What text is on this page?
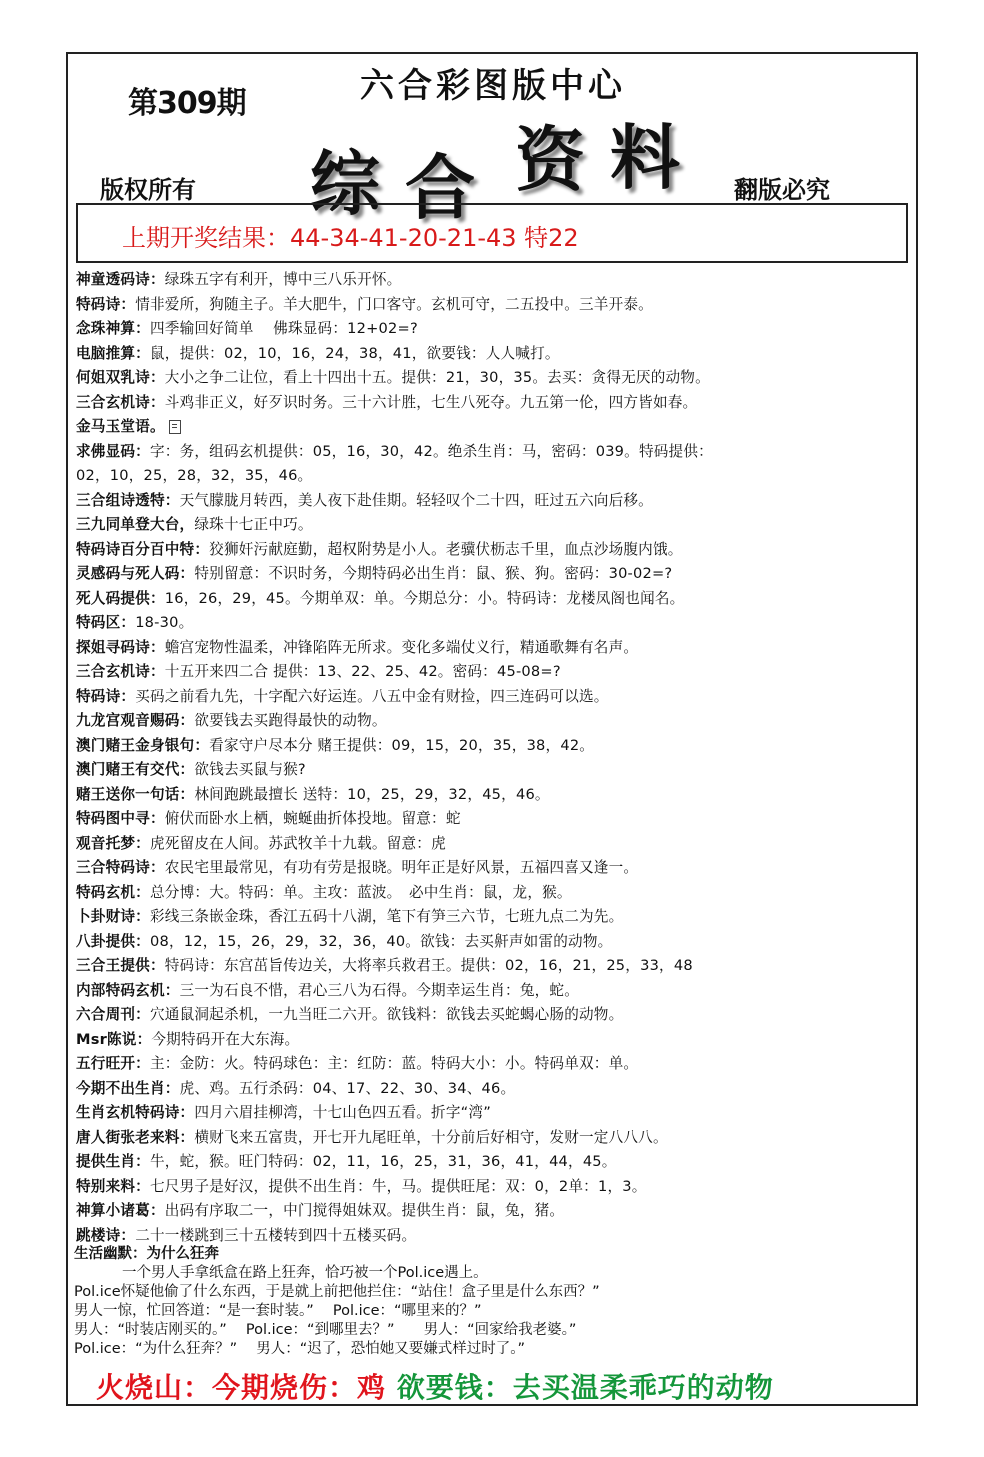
第309期	六合彩图版中心
综 合 资 料
版权所有	翻版必究
上期开奖结果：44-34-41-20-21-43 特22
神童透码诗：绿珠五字有利开，博中三八乐开怀。
特码诗：情非爱所，狗随主子。羊大肥牛，门口客守。玄机可守，二五投中。三羊开泰。
念珠神算：四季输回好简单　 佛珠显码：12+02=?
电脑推算：鼠，提供：02，10，16，24，38，41，欲要钱：人人喊打。
何姐双乳诗：大小之争二让位，看上十四出十五。提供：21，30，35。去买：贪得无厌的动物。
三合玄机诗：斗鸡非正义，好歹识时务。三十六计胜，七生八死夺。九五第一伦，四方皆如春。
金马玉堂语。
求佛显码：字：务，组码玄机提供：05，16，30，42。绝杀生肖：马，密码：039。特码提供：
02，10，25，28，32，35，46。
三合组诗透特：天气朦胧月转西，美人夜下赴佳期。轻轻叹个二十四，旺过五六向后移。
三九同单登大台，绿珠十七正中巧。
特码诗百分百中特：狡狮奸污献庭勤，超权附势是小人。老骥伏枥志千里，血点沙场腹内饿。
灵感码与死人码：特别留意：不识时务，今期特码必出生肖：鼠、猴、狗。密码：30-02=?
死人码提供：16，26，29，45。今期单双：单。今期总分：小。特码诗：龙楼凤阁也闻名。
特码区：18-30。
探姐寻码诗：蟾宫宠物性温柔，冲锋陷阵无所求。变化多端仗义行，精通歌舞有名声。
三合玄机诗：十五开来四二合 提供：13、22、25、42。密码：45-08=?
特码诗：买码之前看九先，十字配六好运连。八五中金有财捡，四三连码可以选。
九龙宫观音赐码：欲要钱去买跑得最快的动物。
澳门赌王金身银句：看家守户尽本分 赌王提供：09，15，20，35，38，42。
澳门赌王有交代：欲钱去买鼠与猴?
赌王送你一句话：林间跑跳最擅长 送特：10，25，29，32，45，46。
特码图中寻：俯伏而卧水上栖，蜿蜒曲折体投地。留意：蛇
观音托梦：虎死留皮在人间。苏武牧羊十九载。留意：虎
三合特码诗：农民宅里最常见，有功有劳是报晓。明年正是好风景，五福四喜又逢一。
特码玄机：总分博：大。特码：单。主攻：蓝波。　必中生肖：鼠，龙，猴。
卜卦财诗：彩线三条嵌金珠，香江五码十八湖，笔下有笋三六节，七班九点二为先。
八卦提供：08，12，15，26，29，32，36，40。欲钱：去买鼾声如雷的动物。
三合王提供：特码诗：东宫茁旨传边关，大将率兵救君王。提供：02，16，21，25，33，48
内部特码玄机：三一为石良不惜，君心三八为石得。今期幸运生肖：兔，蛇。
六合周刊：穴通鼠洞起杀机，一九当旺二六开。欲钱料：欲钱去买蛇蝎心肠的动物。
Msr陈说：今期特码开在大东海。
五行旺开：主：金防：火。特码球色：主：红防：蓝。特码大小：小。特码单双：单。
今期不出生肖：虎、鸡。五行杀码：04、17、22、30、34、46。
生肖玄机特码诗：四月六眉挂柳湾，十七山色四五看。折字“湾”
唐人街张老来料：横财飞来五富贵，开七开九尾旺单，十分前后好相守，发财一定八八八。
提供生肖：牛，蛇，猴。旺门特码：02，11，16，25，31，36，41，44，45。
特别来料：七尺男子是好汉，提供不出生肖：牛，马。提供旺尾：双：0，2单：1，3。
神算小诸葛：出码有序取二一，中门搅得姐妹双。提供生肖：鼠，兔，猪。
跳楼诗：二十一楼跳到三十五楼转到四十五楼买码。
生活幽默：为什么狂奔
一个男人手拿纸盒在路上狂奔，恰巧被一个Pol.ice遇上。
Pol.ice怀疑他偷了什么东西，于是就上前把他拦住：“站住！盒子里是什么东西？”
男人一惊，忙回答道：“是一套时装。”　 Pol.ice：“哪里来的？”
男人：“时装店刚买的。”　 Pol.ice：“到哪里去？”　　男人：“回家给我老婆。”
Pol.ice：“为什么狂奔？”　 男人：“迟了，恐怕她又要嫌式样过时了。”
火烧山：今期烧伤：鸡 欲要钱：去买温柔乖巧的动物
